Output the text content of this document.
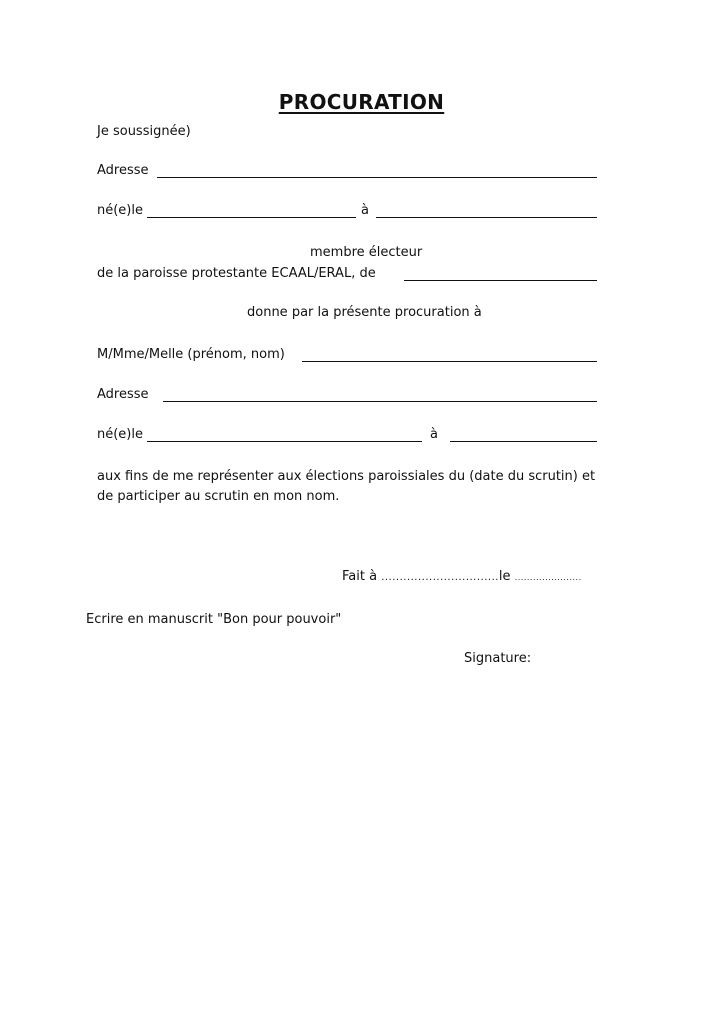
PROCURATION
Je soussignée)
Adresse
né(e)le	à
membre électeur
de la paroisse protestante ECAAL/ERAL, de
donne par la présente procuration à
M/Mme/Melle (prénom, nom)
Adresse
né(e)le	à
aux fins de me représenter aux élections paroissiales du (date du scrutin) et
de participer au scrutin en mon nom.
Fait à ................................le ......................
Ecrire en manuscrit "Bon pour pouvoir"
Signature:
